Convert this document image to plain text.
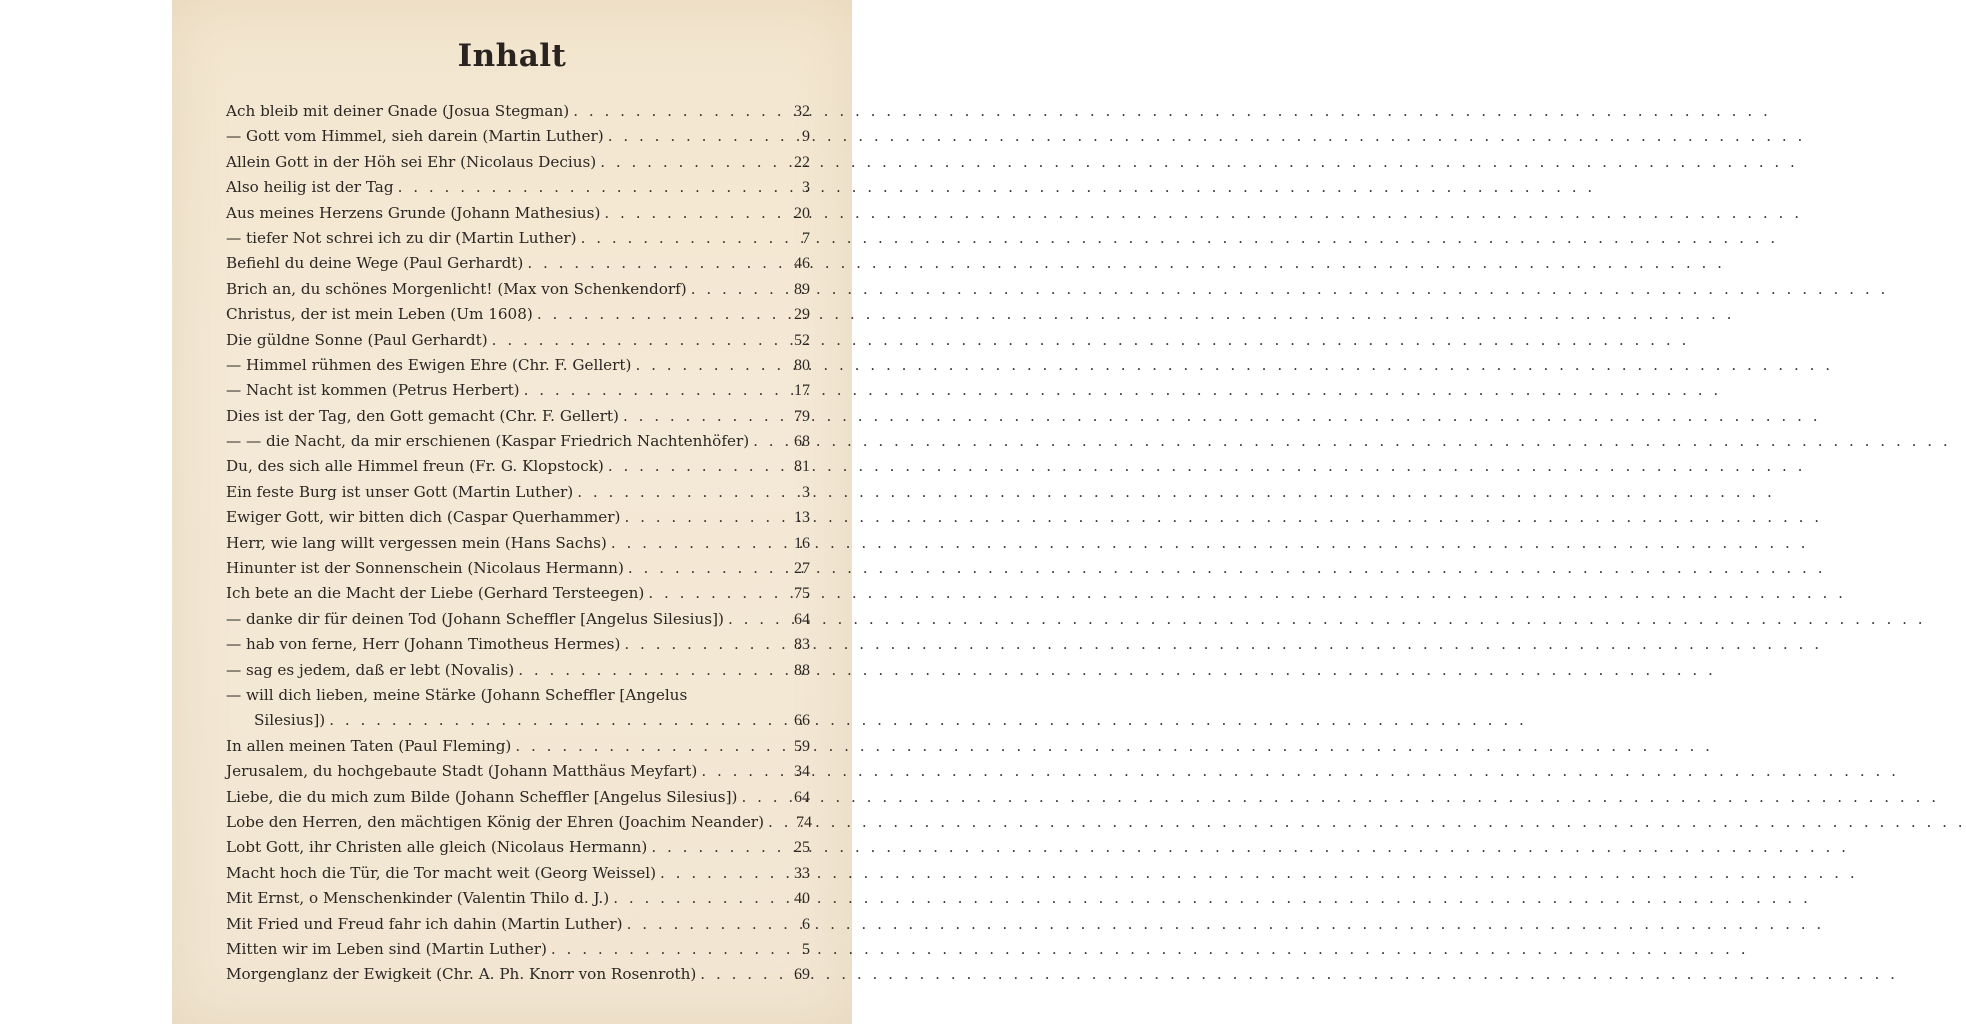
Inhalt
Ach bleib mit deiner Gnade (Josua Stegman) . . .	32
— Gott vom Himmel, sieh darein (Martin Luther) . . .	9
Allein Gott in der Höh sei Ehr (Nicolaus Decius) . . .	22
Also heilig ist der Tag . . .	3
Aus meines Herzens Grunde (Johann Mathesius) . . .	20
— tiefer Not schrei ich zu dir (Martin Luther) . . .	7
Befiehl du deine Wege (Paul Gerhardt) . . .	46
Brich an, du schönes Morgenlicht! (Max von Schenkendorf) . . .	89
Christus, der ist mein Leben (Um 1608) . . .	29
Die güldne Sonne (Paul Gerhardt) . . .	52
— Himmel rühmen des Ewigen Ehre (Chr. F. Gellert) . . .	80
— Nacht ist kommen (Petrus Herbert) . . .	17
Dies ist der Tag, den Gott gemacht (Chr. F. Gellert) . . .	79
— — die Nacht, da mir erschienen (Kaspar Friedrich Nachtenhöfer) . . .	68
Du, des sich alle Himmel freun (Fr. G. Klopstock) . . .	81
Ein feste Burg ist unser Gott (Martin Luther) . . .	3
Ewiger Gott, wir bitten dich (Caspar Querhammer) . . .	13
Herr, wie lang willt vergessen mein (Hans Sachs) . . .	16
Hinunter ist der Sonnenschein (Nicolaus Hermann) . . .	27
Ich bete an die Macht der Liebe (Gerhard Tersteegen) . . .	75
— danke dir für deinen Tod (Johann Scheffler [Angelus Silesius]) . . .	64
— hab von ferne, Herr (Johann Timotheus Hermes) . . .	83
— sag es jedem, daß er lebt (Novalis) . . .	88
— will dich lieben, meine Stärke (Johann Scheffler [Angelus
Silesius]) . . .	66
In allen meinen Taten (Paul Fleming) . . .	59
Jerusalem, du hochgebaute Stadt (Johann Matthäus Meyfart) . . .	34
Liebe, die du mich zum Bilde (Johann Scheffler [Angelus Silesius]) . . .	64
Lobe den Herren, den mächtigen König der Ehren (Joachim Neander) . . .	74
Lobt Gott, ihr Christen alle gleich (Nicolaus Hermann) . . .	25
Macht hoch die Tür, die Tor macht weit (Georg Weissel) . . .	33
Mit Ernst, o Menschenkinder (Valentin Thilo d. J.) . . .	40
Mit Fried und Freud fahr ich dahin (Martin Luther) . . .	6
Mitten wir im Leben sind (Martin Luther) . . .	5
Morgenglanz der Ewigkeit (Chr. A. Ph. Knorr von Rosenroth) . . .	69
